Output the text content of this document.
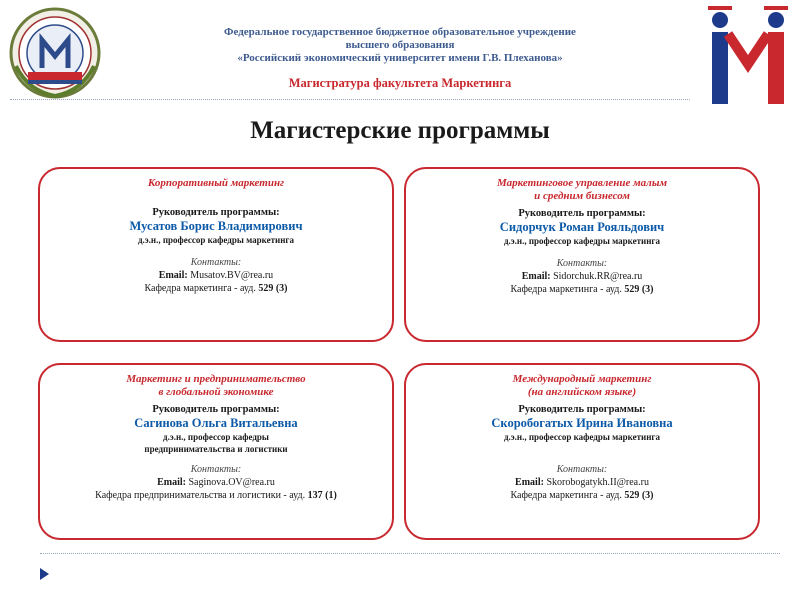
Федеральное государственное бюджетное образовательное учреждение
высшего образования
«Российский экономический университет имени Г.В. Плеханова»
Магистратура факультета Маркетинга
Магистерские программы
Корпоративный маркетинг
Руководитель программы:
Мусатов Борис Владимирович
д.э.н., профессор кафедры маркетинга
Контакты:
Email: Musatov.BV@rea.ru
Кафедра маркетинга - ауд. 529 (3)
Маркетинговое управление малым
и средним бизнесом
Руководитель программы:
Сидорчук Роман Рояльдович
д.э.н., профессор кафедры маркетинга
Контакты:
Email: Sidorchuk.RR@rea.ru
Кафедра маркетинга - ауд. 529 (3)
Маркетинг и предпринимательство
в глобальной экономике
Руководитель программы:
Сагинова Ольга Витальевна
д.э.н., профессор кафедры
предпринимательства и логистики
Контакты:
Email: Saginova.OV@rea.ru
Кафедра предпринимательства и логистики - ауд. 137 (1)
Международный маркетинг
(на английском языке)
Руководитель программы:
Скоробогатых Ирина Ивановна
д.э.н., профессор кафедры маркетинга
Контакты:
Email: Skorobogatykh.II@rea.ru
Кафедра маркетинга - ауд. 529 (3)
